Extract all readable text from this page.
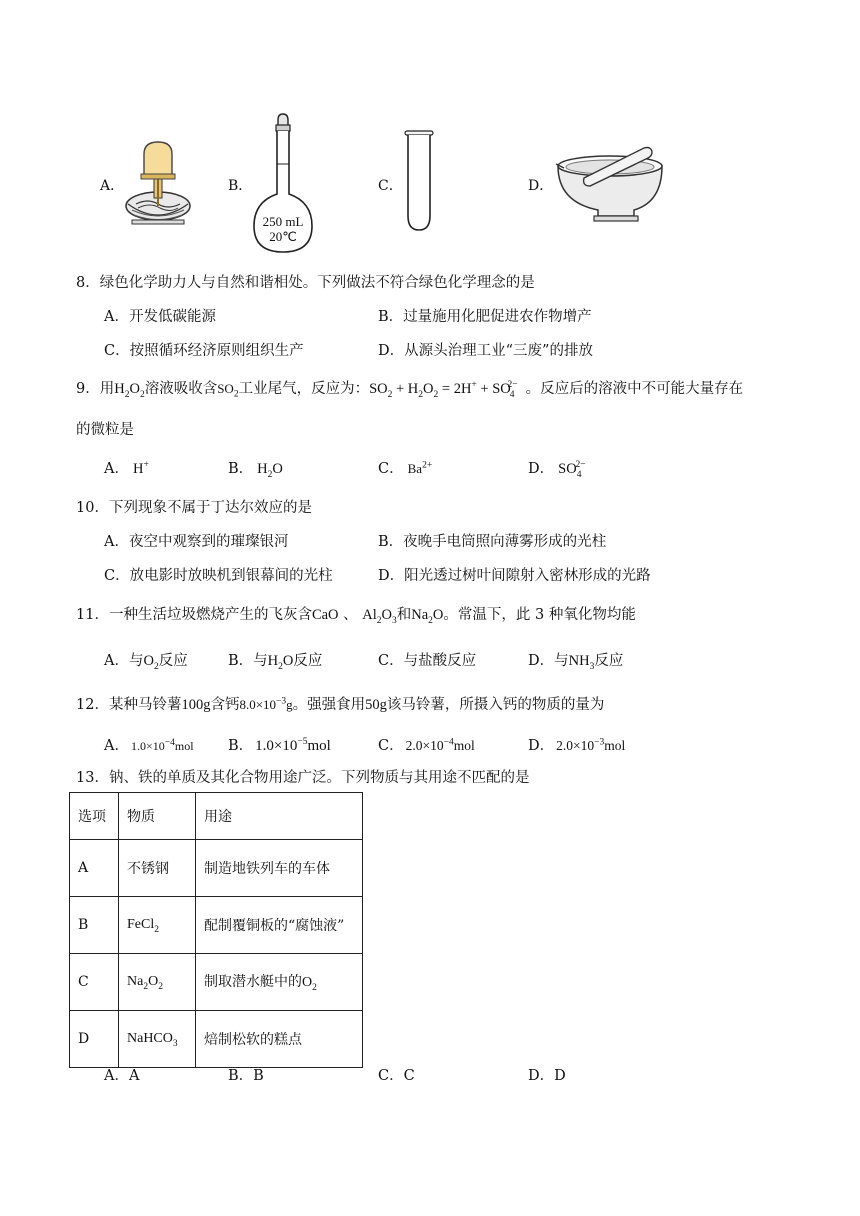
A．	B．
250 mL
20℃
C．	D．
8．绿色化学助力人与自然和谐相处。下列做法不符合绿色化学理念的是
A．开发低碳能源	B．过量施用化肥促进农作物增产
C．按照循环经济原则组织生产	D．从源头治理工业“三废”的排放
9．用$H_2O_2$溶液吸收含$SO_2$工业尾气，反应为：$SO_2 + H_2O_2 = 2H^+ + SO_4^{2-}$ 。反应后的溶液中不可能大量存在
的微粒是
A． H+	B． $H_2O$	C． $Ba^{2+}$	D． $SO_4^{2-}$
10．下列现象不属于丁达尔效应的是
A．夜空中观察到的璀璨银河	B．夜晚手电筒照向薄雾形成的光柱
C．放电影时放映机到银幕间的光柱	D．阳光透过树叶间隙射入密林形成的光路
11．一种生活垃圾燃烧产生的飞灰含CaO 、 $Al_2O_3$和$Na_2O$。常温下，此 3 种氧化物均能
A．与$O_2$反应	B．与$H_2O$反应	C．与盐酸反应	D．与$NH_3$反应
12．某种马铃薯100g含钙$8.0\times 10^{-3}g$。强强食用50g该马铃薯，所摄入钙的物质的量为
A． $1.0\times 10^{-4}mol$ B． $1.0\times 10^{-5}mol$	C． $2.0\times 10^{-4}mol$	D． $2.0\times 10^{-3}mol$
13．钠、铁的单质及其化合物用途广泛。下列物质与其用途不匹配的是
选项	物质	用途
A	不锈钢	制造地铁列车的车体
B	FeCl$_2$	配制覆铜板的“腐蚀液”
C	$Na_2O_2$	制取潜水艇中的$O_2$
D	NaHCO$_3$	焙制松软的糕点
A．A	B．B	C．C	D．D
